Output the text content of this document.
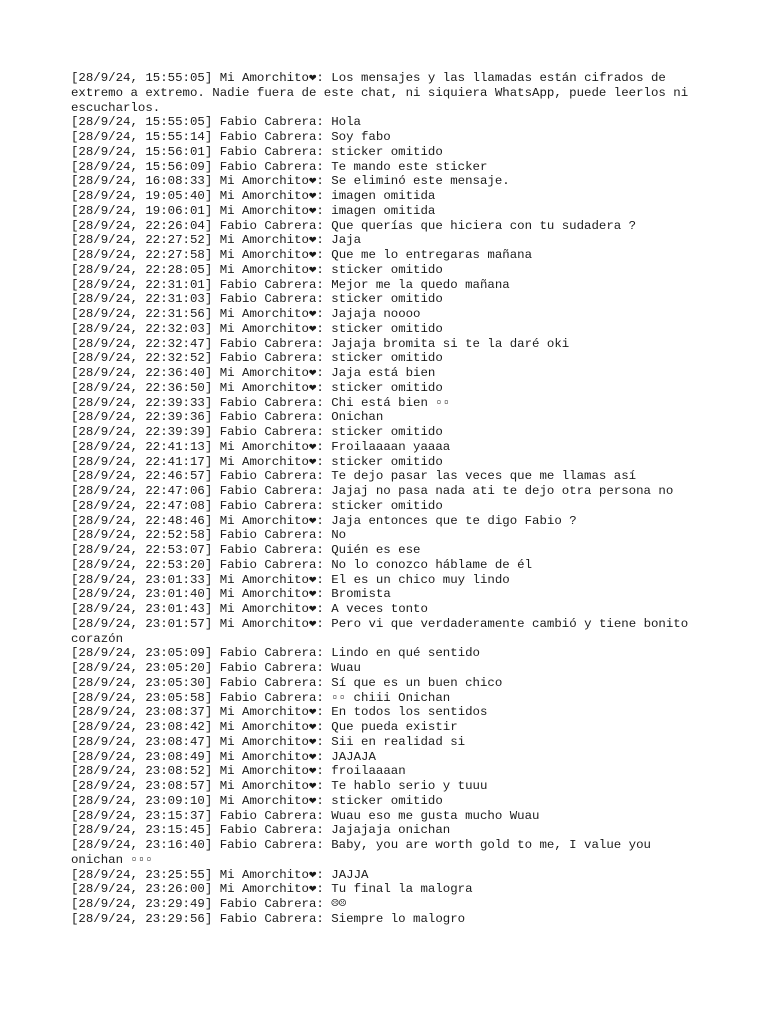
[28/9/24, 15:55:05] Mi Amorchito❤: Los mensajes y las llamadas están cifrados de extremo a extremo. Nadie fuera de este chat, ni siquiera WhatsApp, puede leerlos ni escucharlos.
[28/9/24, 15:55:05] Fabio Cabrera: Hola
[28/9/24, 15:55:14] Fabio Cabrera: Soy fabo
[28/9/24, 15:56:01] Fabio Cabrera: sticker omitido
[28/9/24, 15:56:09] Fabio Cabrera: Te mando este sticker
[28/9/24, 16:08:33] Mi Amorchito❤: Se eliminó este mensaje.
[28/9/24, 19:05:40] Mi Amorchito❤: imagen omitida
[28/9/24, 19:06:01] Mi Amorchito❤: imagen omitida
[28/9/24, 22:26:04] Fabio Cabrera: Que querías que hiciera con tu sudadera ?
[28/9/24, 22:27:52] Mi Amorchito❤: Jaja
[28/9/24, 22:27:58] Mi Amorchito❤: Que me lo entregaras mañana
[28/9/24, 22:28:05] Mi Amorchito❤: sticker omitido
[28/9/24, 22:31:01] Fabio Cabrera: Mejor me la quedo mañana
[28/9/24, 22:31:03] Fabio Cabrera: sticker omitido
[28/9/24, 22:31:56] Mi Amorchito❤: Jajaja noooo
[28/9/24, 22:32:03] Mi Amorchito❤: sticker omitido
[28/9/24, 22:32:47] Fabio Cabrera: Jajaja bromita si te la daré oki
[28/9/24, 22:32:52] Fabio Cabrera: sticker omitido
[28/9/24, 22:36:40] Mi Amorchito❤: Jaja está bien
[28/9/24, 22:36:50] Mi Amorchito❤: sticker omitido
[28/9/24, 22:39:33] Fabio Cabrera: Chi está bien ▫▫
[28/9/24, 22:39:36] Fabio Cabrera: Onichan
[28/9/24, 22:39:39] Fabio Cabrera: sticker omitido
[28/9/24, 22:41:13] Mi Amorchito❤: Froilaaaan yaaaa
[28/9/24, 22:41:17] Mi Amorchito❤: sticker omitido
[28/9/24, 22:46:57] Fabio Cabrera: Te dejo pasar las veces que me llamas así
[28/9/24, 22:47:06] Fabio Cabrera: Jajaj no pasa nada ati te dejo otra persona no
[28/9/24, 22:47:08] Fabio Cabrera: sticker omitido
[28/9/24, 22:48:46] Mi Amorchito❤: Jaja entonces que te digo Fabio ?
[28/9/24, 22:52:58] Fabio Cabrera: No
[28/9/24, 22:53:07] Fabio Cabrera: Quién es ese
[28/9/24, 22:53:20] Fabio Cabrera: No lo conozco háblame de él
[28/9/24, 23:01:33] Mi Amorchito❤: El es un chico muy lindo
[28/9/24, 23:01:40] Mi Amorchito❤: Bromista
[28/9/24, 23:01:43] Mi Amorchito❤: A veces tonto
[28/9/24, 23:01:57] Mi Amorchito❤: Pero vi que verdaderamente cambió y tiene bonito corazón
[28/9/24, 23:05:09] Fabio Cabrera: Lindo en qué sentido
[28/9/24, 23:05:20] Fabio Cabrera: Wuau
[28/9/24, 23:05:30] Fabio Cabrera: Sí que es un buen chico
[28/9/24, 23:05:58] Fabio Cabrera: ▫▫ chiii Onichan
[28/9/24, 23:08:37] Mi Amorchito❤: En todos los sentidos
[28/9/24, 23:08:42] Mi Amorchito❤: Que pueda existir
[28/9/24, 23:08:47] Mi Amorchito❤: Sii en realidad si
[28/9/24, 23:08:49] Mi Amorchito❤: JAJAJA
[28/9/24, 23:08:52] Mi Amorchito❤: froilaaaan
[28/9/24, 23:08:57] Mi Amorchito❤: Te hablo serio y tuuu
[28/9/24, 23:09:10] Mi Amorchito❤: sticker omitido
[28/9/24, 23:15:37] Fabio Cabrera: Wuau eso me gusta mucho Wuau
[28/9/24, 23:15:45] Fabio Cabrera: Jajajaja onichan
[28/9/24, 23:16:40] Fabio Cabrera: Baby, you are worth gold to me, I value you onichan ▫▫▫
[28/9/24, 23:25:55] Mi Amorchito❤: JAJJA
[28/9/24, 23:26:00] Mi Amorchito❤: Tu final la malogra
[28/9/24, 23:29:49] Fabio Cabrera: ☹☹
[28/9/24, 23:29:56] Fabio Cabrera: Siempre lo malogro
